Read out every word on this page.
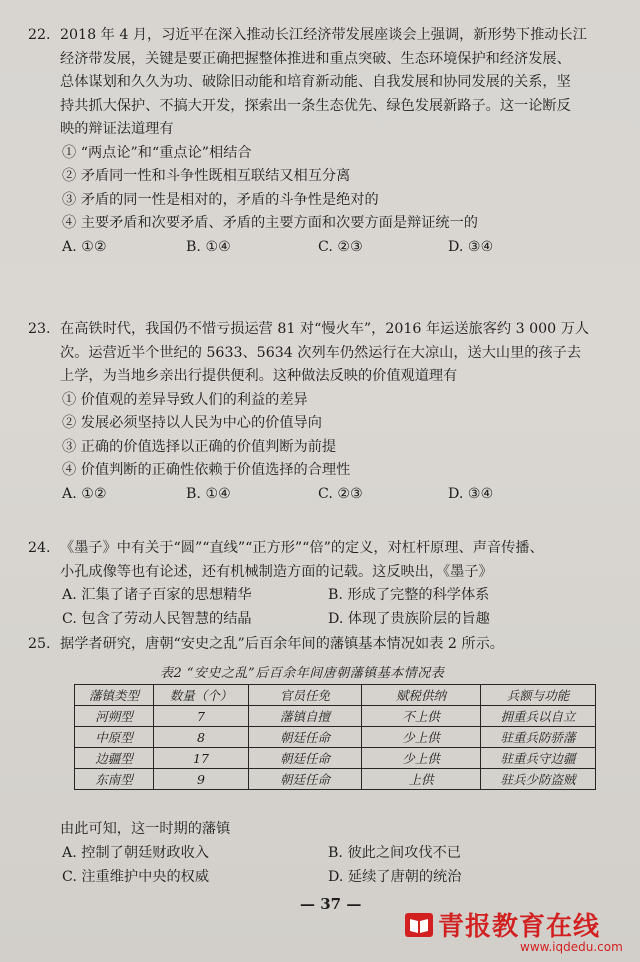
22. 2018 年 4 月，习近平在深入推动长江经济带发展座谈会上强调，新形势下推动长江

经济带发展，关键是要正确把握整体推进和重点突破、生态环境保护和经济发展、

总体谋划和久久为功、破除旧动能和培育新动能、自我发展和协同发展的关系，坚

持共抓大保护、不搞大开发，探索出一条生态优先、绿色发展新路子。这一论断反

映的辩证法道理有

① “两点论”和“重点论”相结合

② 矛盾同一性和斗争性既相互联结又相互分离

③ 矛盾的同一性是相对的，矛盾的斗争性是绝对的

④ 主要矛盾和次要矛盾、矛盾的主要方面和次要方面是辩证统一的

A. ①②	B. ①④	C. ②③	D. ③④

23. 在高铁时代，我国仍不惜亏损运营 81 对“慢火车”，2016 年运送旅客约 3 000 万人

次。运营近半个世纪的 5633、5634 次列车仍然运行在大凉山，送大山里的孩子去

上学，为当地乡亲出行提供便利。这种做法反映的价值观道理有

① 价值观的差异导致人们的利益的差异

② 发展必须坚持以人民为中心的价值导向

③ 正确的价值选择以正确的价值判断为前提

④ 价值判断的正确性依赖于价值选择的合理性

A. ①②	B. ①④	C. ②③	D. ③④

24. 《墨子》中有关于“圆”“直线”“正方形”“倍”的定义，对杠杆原理、声音传播、

小孔成像等也有论述，还有机械制造方面的记载。这反映出，《墨子》

A. 汇集了诸子百家的思想精华	B. 形成了完整的科学体系
C. 包含了劳动人民智慧的结晶	D. 体现了贵族阶层的旨趣

25. 据学者研究，唐朝“安史之乱”后百余年间的藩镇基本情况如表 2 所示。

表2 “安史之乱”后百余年间唐朝藩镇基本情况表
藩镇类型	数量（个）	官员任免	赋税供纳	兵额与功能
河朔型	7	藩镇自擅	不上供	拥重兵以自立
中原型	8	朝廷任命	少上供	驻重兵防骄藩
边疆型	17	朝廷任命	少上供	驻重兵守边疆
东南型	9	朝廷任命	上供	驻兵少防盗贼

由此可知，这一时期的藩镇

A. 控制了朝廷财政收入	B. 彼此之间攻伐不已
C. 注重维护中央的权威	D. 延续了唐朝的统治
— 37 —
青报教育在线
www.iqdedu.com
